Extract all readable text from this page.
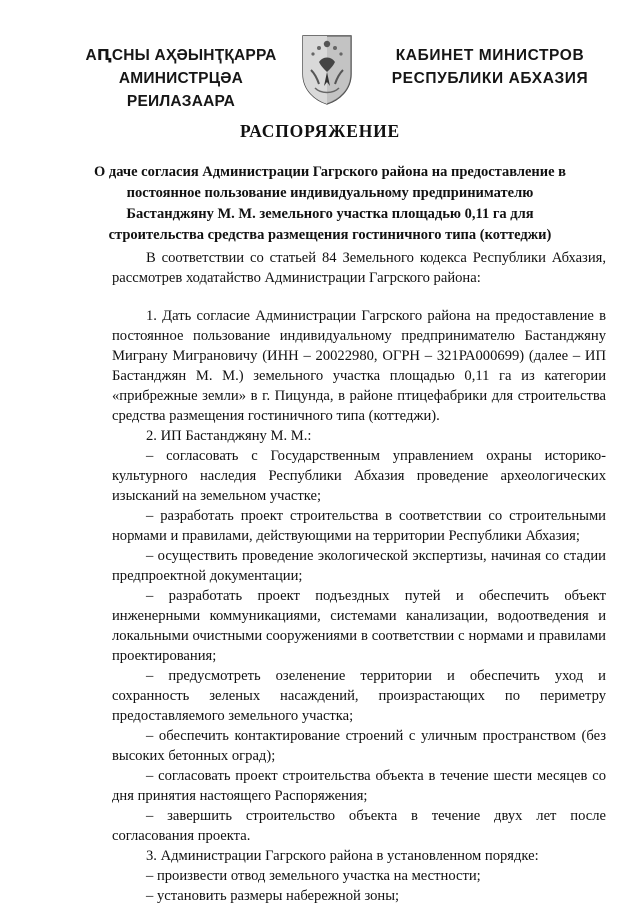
АԤСНЫ АҲӘЫНҬҚАРРА
АМИНИСТРЦӘА РЕИЛАЗААРА
КАБИНЕТ МИНИСТРОВ
РЕСПУБЛИКИ АБХАЗИЯ
РАСПОРЯЖЕНИЕ
О даче согласия Администрации Гагрского района на предоставление в постоянное пользование индивидуальному предпринимателю Бастанджяну М. М. земельного участка площадью 0,11 га для строительства средства размещения гостиничного типа (коттеджи)

В соответствии со статьей 84 Земельного кодекса Республики Абхазия, рассмотрев ходатайство Администрации Гагрского района:

1. Дать согласие Администрации Гагрского района на предоставление в постоянное пользование индивидуальному предпринимателю Бастанджяну Миграну Миграновичу (ИНН – 20022980, ОГРН – 321РА000699) (далее – ИП Бастанджян М. М.) земельного участка площадью 0,11 га из категории «прибрежные земли» в г. Пицунда, в районе птицефабрики для строительства средства размещения гостиничного типа (коттеджи).

2. ИП Бастанджяну М. М.:

– согласовать с Государственным управлением охраны историко-культурного наследия Республики Абхазия проведение археологических изысканий на земельном участке;

– разработать проект строительства в соответствии со строительными нормами и правилами, действующими на территории Республики Абхазия;

– осуществить проведение экологической экспертизы, начиная со стадии предпроектной документации;

– разработать проект подъездных путей и обеспечить объект инженерными коммуникациями, системами канализации, водоотведения и локальными очистными сооружениями в соответствии с нормами и правилами проектирования;

– предусмотреть озеленение территории и обеспечить уход и сохранность зеленых насаждений, произрастающих по периметру предоставляемого земельного участка;

– обеспечить контактирование строений с уличным пространством (без высоких бетонных оград);

– согласовать проект строительства объекта в течение шести месяцев со дня принятия настоящего Распоряжения;

– завершить строительство объекта в течение двух лет после согласования проекта.

3. Администрации Гагрского района в установленном порядке:

– произвести отвод земельного участка на местности;

– установить размеры набережной зоны;
